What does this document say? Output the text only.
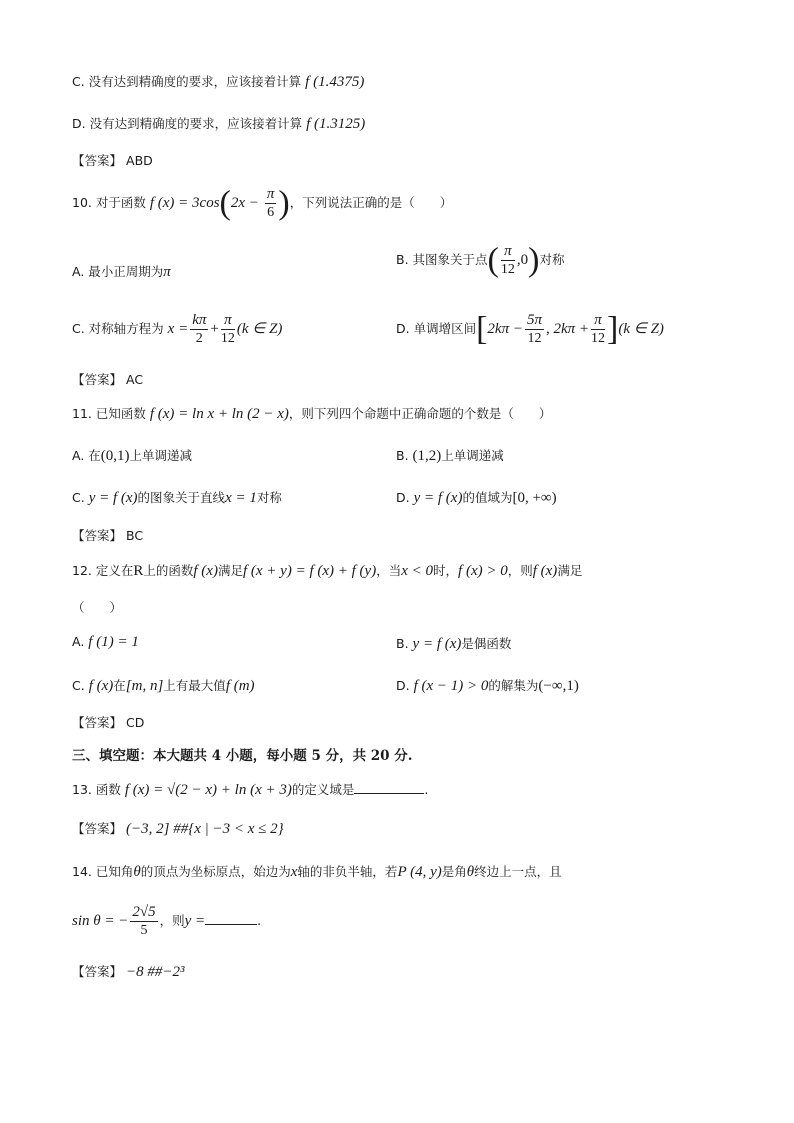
C. 没有达到精确度的要求，应该接着计算 f (1.4375)
D. 没有达到精确度的要求，应该接着计算 f (1.3125)
【答案】 ABD
10. 对于函数 f $(x) = 3\cos(2x - \frac{\pi}{6}$ )，下列说法正确的是（　　）
A. 最小正周期为π
B. 其图象关于点( $\frac{\pi}{12} ,0$)对称
C. 对称轴方程为 $x = \frac{k\pi}{2} + \frac{\pi}{12} (k$ ∈ Z)	D. 单调增区间[$2k\pi - \frac{5\pi}{12}$ , $2k\pi + \frac{\pi}{12} ](k$ ∈ Z)
【答案】 AC
11. 已知函数 f (x) = ln x + ln (2 − x)，则下列四个命题中正确命题的个数是（　　）
A. 在(0,1)上单调递减	B. (1,2)上单调递减
C. y = f (x)的图象关于直线x = 1对称	D. y = f (x)的值域为[0, +∞)
【答案】 BC
12. 定义在R上的函数f (x)满足f (x + y) = f (x) + f (y)，当x < 0时，f (x) > 0，则f (x)满足
（　　）
A. f (1) = 1	B. y = f (x)是偶函数
C. f (x)在[m, n]上有最大值f (m)	D. f (x − 1) > 0的解集为(−∞,1)
【答案】 CD
三、填空题：本大题共 4 小题，每小题 5 分，共 20 分.
13. 函数 f (x) = √(2 − x) + ln (x + 3)的定义域是	.
【答案】 (−3, 2] ##{x | −3 < x ≤ 2}
14. 已知角θ的顶点为坐标原点，始边为x轴的非负半轴，若P (4, y)是角θ终边上一点，且
sin θ = − $\frac{2√5}{5}$ ，则y =	.
【答案】 −8 ##−2³
